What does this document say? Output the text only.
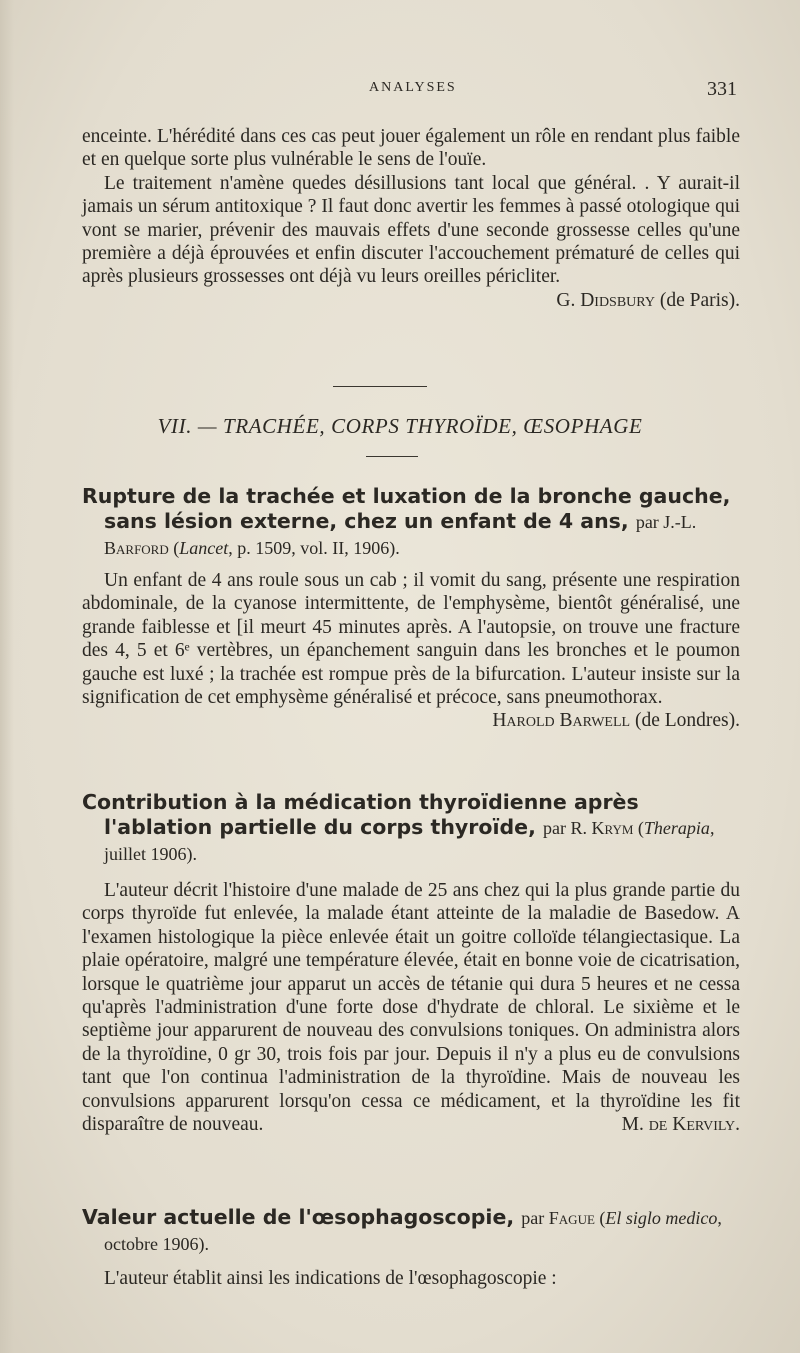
ANALYSES	331

enceinte. L'hérédité dans ces cas peut jouer également un rôle en rendant plus faible et en quelque sorte plus vulnérable le sens de l'ouïe.

Le traitement n'amène quedes désillusions tant local que général. . Y aurait-il jamais un sérum antitoxique ? Il faut donc avertir les femmes à passé otologique qui vont se marier, prévenir des mauvais effets d'une seconde grossesse celles qu'une première a déjà éprouvées et enfin discuter l'accouchement prématuré de celles qui après plusieurs grossesses ont déjà vu leurs oreilles péricliter.

G. Didsbury (de Paris).

VII. — TRACHÉE, CORPS THYROÏDE, ŒSOPHAGE

Rupture de la trachée et luxation de la bronche gauche, sans lésion externe, chez un enfant de 4 ans, par J.-L. Barford (Lancet, p. 1509, vol. II, 1906).

Un enfant de 4 ans roule sous un cab ; il vomit du sang, présente une respiration abdominale, de la cyanose intermittente, de l'emphysème, bientôt généralisé, une grande faiblesse et [il meurt 45 minutes après. A l'autopsie, on trouve une fracture des 4, 5 et 6ᵉ vertèbres, un épanchement sanguin dans les bronches et le poumon gauche est luxé ; la trachée est rompue près de la bifurcation. L'auteur insiste sur la signification de cet emphysème généralisé et précoce, sans pneumothorax.

Harold Barwell (de Londres).

Contribution à la médication thyroïdienne après l'ablation partielle du corps thyroïde, par R. Krym (Therapia, juillet 1906).

L'auteur décrit l'histoire d'une malade de 25 ans chez qui la plus grande partie du corps thyroïde fut enlevée, la malade étant atteinte de la maladie de Basedow. A l'examen histologique la pièce enlevée était un goitre colloïde télangiectasique. La plaie opératoire, malgré une température élevée, était en bonne voie de cicatrisation, lorsque le quatrième jour apparut un accès de tétanie qui dura 5 heures et ne cessa qu'après l'administration d'une forte dose d'hydrate de chloral. Le sixième et le septième jour apparurent de nouveau des convulsions toniques. On administra alors de la thyroïdine, 0 gr 30, trois fois par jour. Depuis il n'y a plus eu de convulsions tant que l'on continua l'administration de la thyroïdine. Mais de nouveau les convulsions apparurent lorsqu'on cessa ce médicament, et la thyroïdine les fit disparaître de nouveau.	M. de Kervily.

Valeur actuelle de l'œsophagoscopie, par Fague (El siglo medico, octobre 1906).

L'auteur établit ainsi les indications de l'œsophagoscopie :
